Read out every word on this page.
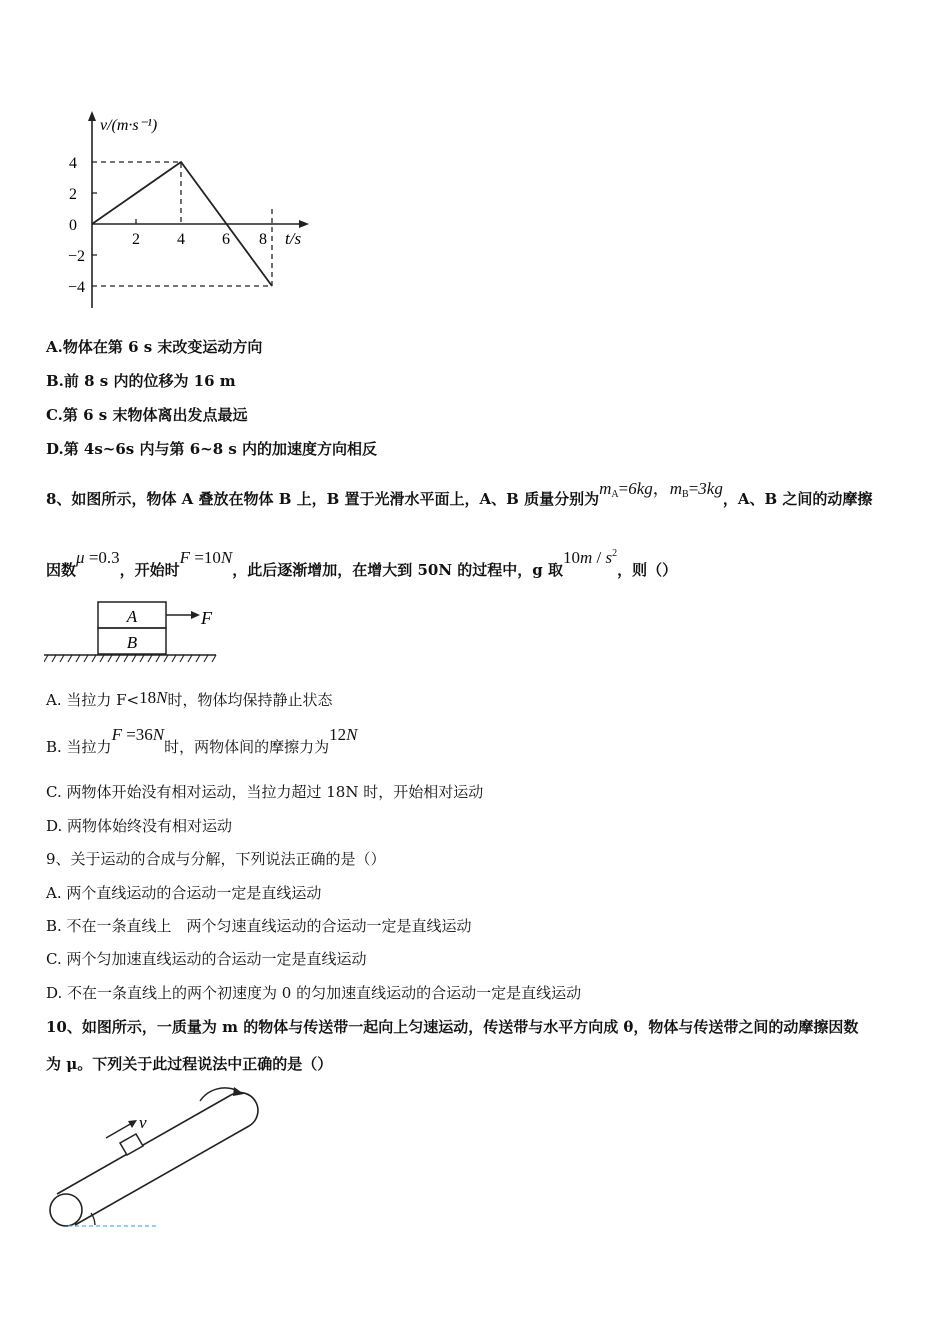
v/(m·s⁻¹)
t/s
4
2
0
−2
−4
2 4 6 8
A.物体在第 6 s 末改变运动方向
B.前 8 s 内的位移为 16 m
C.第 6 s 末物体离出发点最远
D.第 4s~6s 内与第 6~8 s 内的加速度方向相反
8、如图所示，物体 A 叠放在物体 B 上，B 置于光滑水平面上，A、B 质量分别为$m_A=6kg$，$m_B=3kg$，A、B 之间的动摩擦
因数μ =0.3，开始时F =10N，此后逐渐增加，在增大到 50N 的过程中，g 取$10m / s^2$，则（）
A
B
F
A. 当拉力 F<18N时，物体均保持静止状态
B. 当拉力F =36N时，两物体间的摩擦力为12N
C. 两物体开始没有相对运动，当拉力超过 18N 时，开始相对运动
D. 两物体始终没有相对运动
9、关于运动的合成与分解，下列说法正确的是（）
A. 两个直线运动的合运动一定是直线运动
B. 不在一条直线上　两个匀速直线运动的合运动一定是直线运动
C. 两个匀加速直线运动的合运动一定是直线运动
D. 不在一条直线上的两个初速度为 0 的匀加速直线运动的合运动一定是直线运动
10、如图所示，一质量为 m 的物体与传送带一起向上匀速运动，传送带与水平方向成 θ，物体与传送带之间的动摩擦因数
为 μ。下列关于此过程说法中正确的是（）
v
